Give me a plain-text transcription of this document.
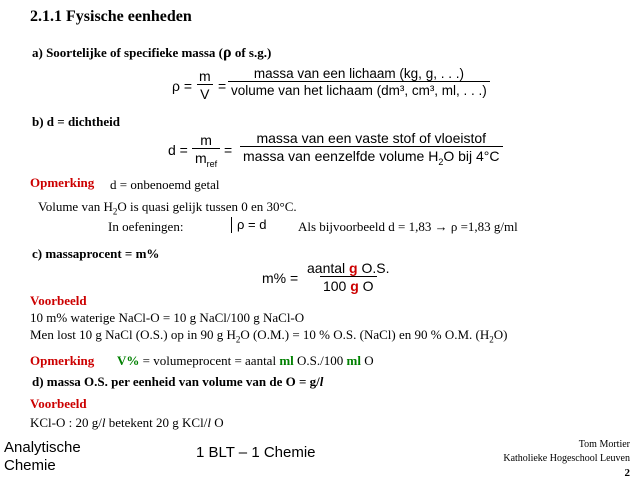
2.1.1 Fysische eenheden
a) Soortelijke of specifieke massa (ρ of s.g.)
$\rho = \frac{m}{V}$ =
massa van een lichaam (kg, g, . . .)
volume van het lichaam (dm³, cm³, ml, . . .)
b) d = dichtheid
d =
m
$m_{ref}$
=
massa van een vaste stof of vloeistof
massa van eenzelfde volume $H_2O$ bij 4°C
Opmerking d = onbenoemd getal
Volume van $H_2O$ is quasi gelijk tussen 0 en 30°C.
In oefeningen:	ρ = d Als bijvoorbeeld d = 1,83 → ρ =1,83 g/ml
c) massaprocent = m%
m% =
aantal g O.S.
100 g O
Voorbeeld
10 m% waterige NaCl-O = 10 g NaCl/100 g NaCl-O
Men lost 10 g NaCl (O.S.) op in 90 g $H_2O$ (O.M.) = 10 % O.S. (NaCl) en 90 % O.M. $(H_2O)$
Opmerking V% = volumeprocent = aantal ml O.S./100 ml O
d) massa O.S. per eenheid van volume van de O = g/l
Voorbeeld
KCl-O : 20 g/l betekent 20 g KCl/l O
Analytische
Chemie
1 BLT – 1 Chemie	Tom Mortier
Katholieke Hogeschool Leuven
2
